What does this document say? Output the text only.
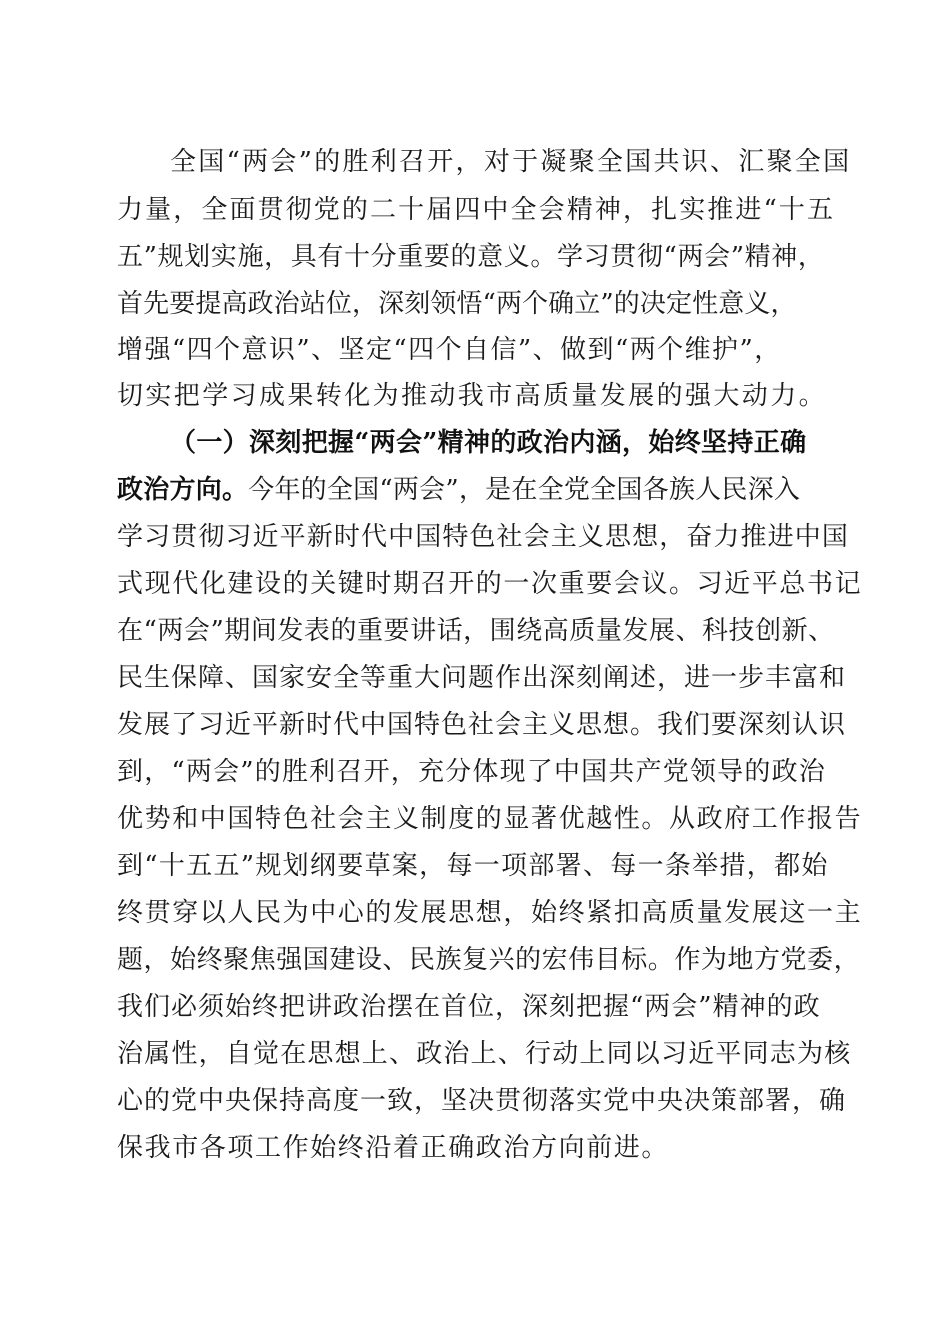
全国“两会”的胜利召开，对于凝聚全国共识、汇聚全国
力量，全面贯彻党的二十届四中全会精神，扎实推进“十五
五”规划实施，具有十分重要的意义。学习贯彻“两会”精神，
首先要提高政治站位，深刻领悟“两个确立”的决定性意义，
增强“四个意识”、坚定“四个自信”、做到“两个维护”，
切实把学习成果转化为推动我市高质量发展的强大动力。
（一）深刻把握“两会”精神的政治内涵，始终坚持正确
政治方向。今年的全国“两会”，是在全党全国各族人民深入
学习贯彻习近平新时代中国特色社会主义思想，奋力推进中国
式现代化建设的关键时期召开的一次重要会议。习近平总书记
在“两会”期间发表的重要讲话，围绕高质量发展、科技创新、
民生保障、国家安全等重大问题作出深刻阐述，进一步丰富和
发展了习近平新时代中国特色社会主义思想。我们要深刻认识
到，“两会”的胜利召开，充分体现了中国共产党领导的政治
优势和中国特色社会主义制度的显著优越性。从政府工作报告
到“十五五”规划纲要草案，每一项部署、每一条举措，都始
终贯穿以人民为中心的发展思想，始终紧扣高质量发展这一主
题，始终聚焦强国建设、民族复兴的宏伟目标。作为地方党委，
我们必须始终把讲政治摆在首位，深刻把握“两会”精神的政
治属性，自觉在思想上、政治上、行动上同以习近平同志为核
心的党中央保持高度一致，坚决贯彻落实党中央决策部署，确
保我市各项工作始终沿着正确政治方向前进。
